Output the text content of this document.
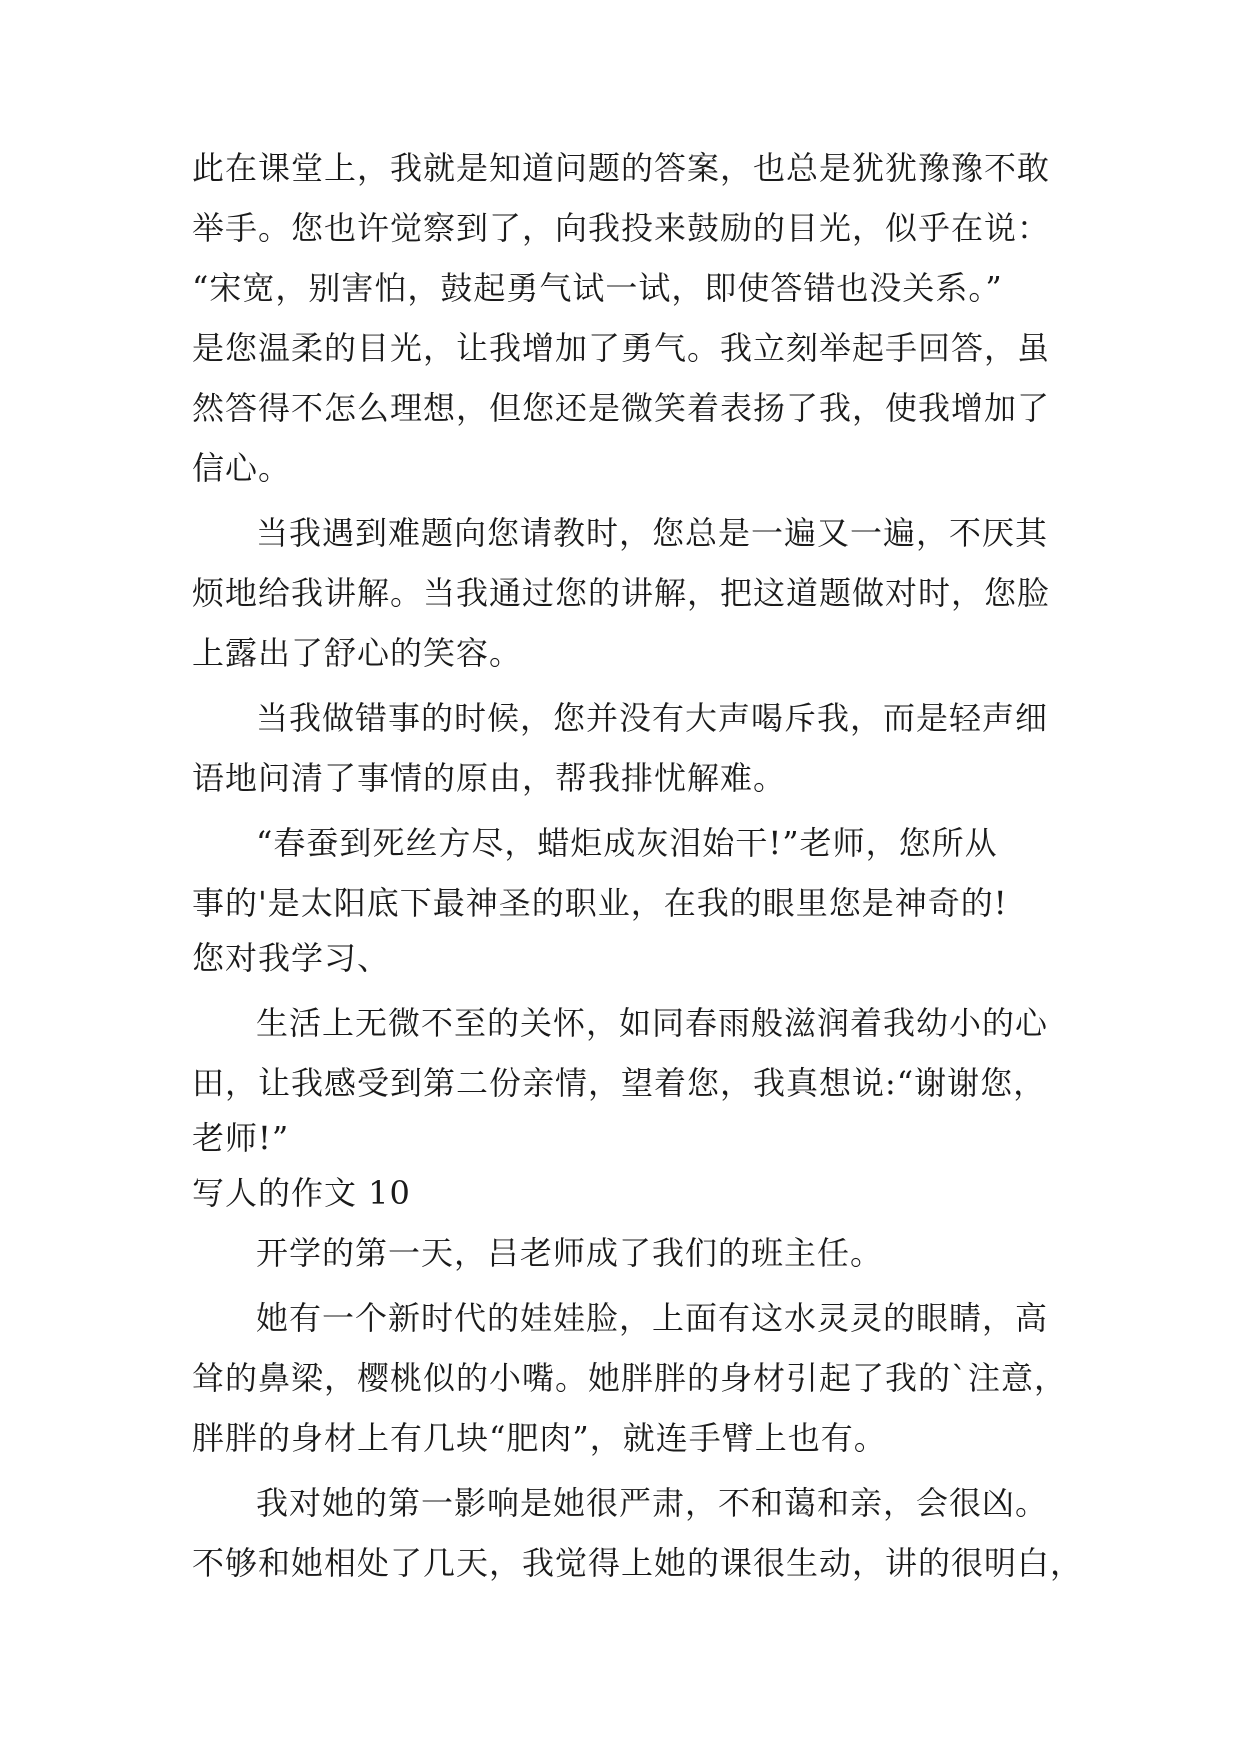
此在课堂上，我就是知道问题的答案，也总是犹犹豫豫不敢
举手。您也许觉察到了，向我投来鼓励的目光，似乎在说：
“宋宽，别害怕，鼓起勇气试一试，即使答错也没关系。”
是您温柔的目光，让我增加了勇气。我立刻举起手回答，虽
然答得不怎么理想，但您还是微笑着表扬了我，使我增加了
信心。
当我遇到难题向您请教时，您总是一遍又一遍，不厌其
烦地给我讲解。当我通过您的讲解，把这道题做对时，您脸
上露出了舒心的笑容。
当我做错事的时候，您并没有大声喝斥我，而是轻声细
语地问清了事情的原由，帮我排忧解难。
“春蚕到死丝方尽，蜡炬成灰泪始干!”老师，您所从
事的'是太阳底下最神圣的职业，在我的眼里您是神奇的!
您对我学习、
生活上无微不至的关怀，如同春雨般滋润着我幼小的心
田，让我感受到第二份亲情，望着您，我真想说:“谢谢您，
老师!”
写人的作文 10
开学的第一天，吕老师成了我们的班主任。
她有一个新时代的娃娃脸，上面有这水灵灵的眼睛，高
耸的鼻梁，樱桃似的小嘴。她胖胖的身材引起了我的`注意，
胖胖的身材上有几块“肥肉”，就连手臂上也有。
我对她的第一影响是她很严肃，不和蔼和亲，会很凶。
不够和她相处了几天，我觉得上她的课很生动，讲的很明白，
